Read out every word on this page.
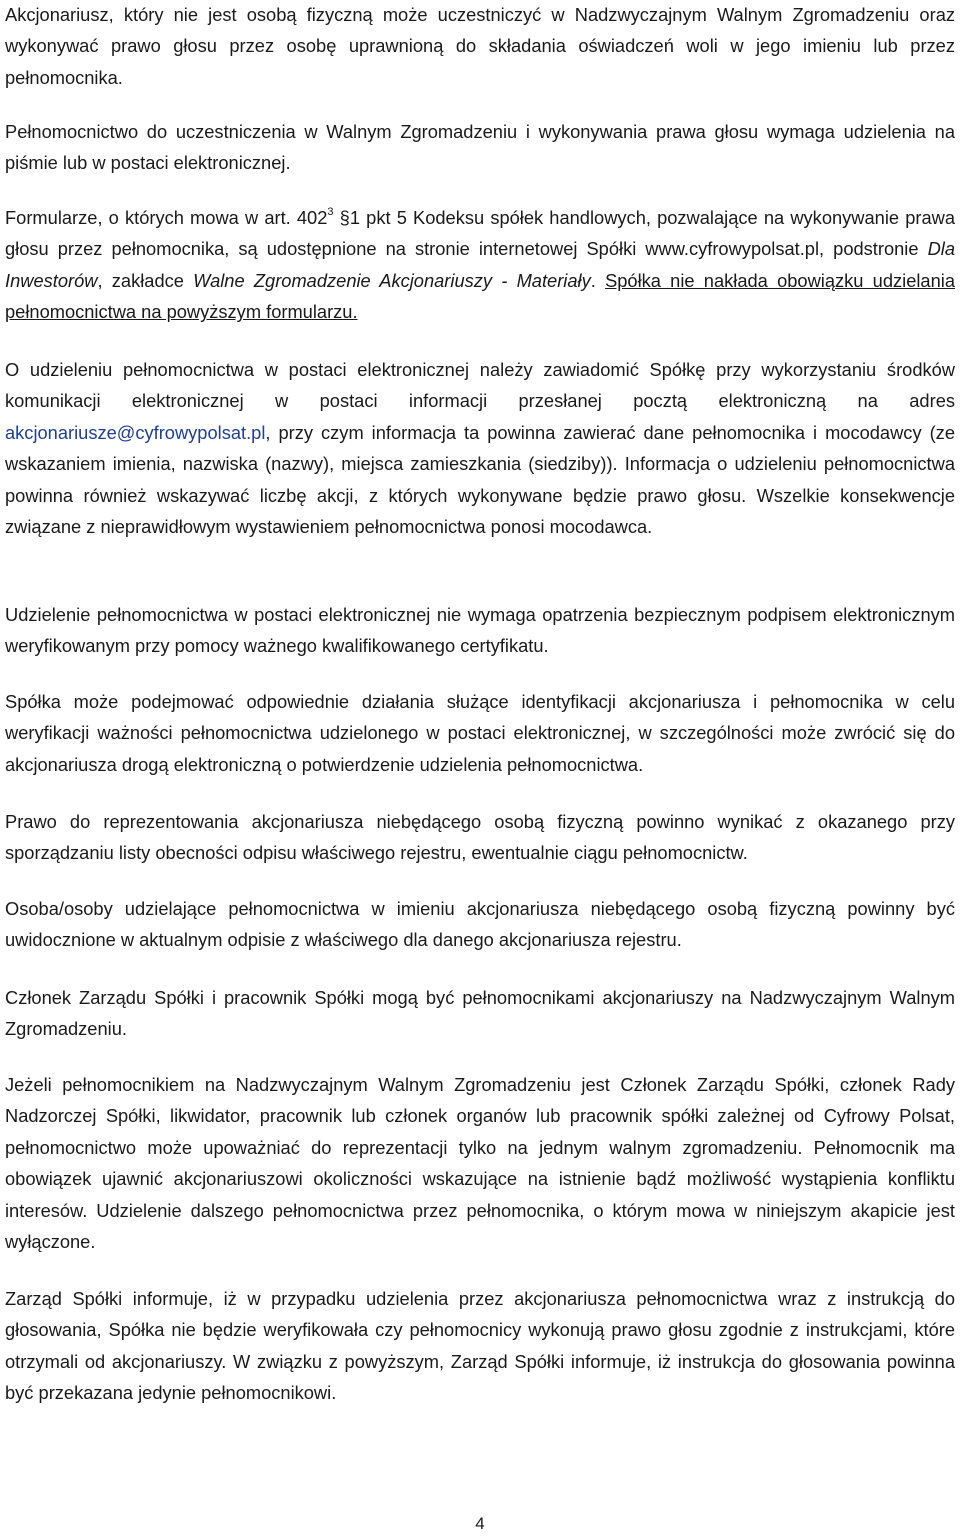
Akcjonariusz, który nie jest osobą fizyczną może uczestniczyć w Nadzwyczajnym Walnym Zgromadzeniu oraz wykonywać prawo głosu przez osobę uprawnioną do składania oświadczeń woli w jego imieniu lub przez pełnomocnika.

Pełnomocnictwo do uczestniczenia w Walnym Zgromadzeniu i wykonywania prawa głosu wymaga udzielenia na piśmie lub w postaci elektronicznej.

Formularze, o których mowa w art. $402^3$ §1 pkt 5 Kodeksu spółek handlowych, pozwalające na wykonywanie prawa głosu przez pełnomocnika, są udostępnione na stronie internetowej Spółki www.cyfrowypolsat.pl, podstronie Dla Inwestorów, zakładce Walne Zgromadzenie Akcjonariuszy - Materiały. Spółka nie nakłada obowiązku udzielania pełnomocnictwa na powyższym formularzu.

O udzieleniu pełnomocnictwa w postaci elektronicznej należy zawiadomić Spółkę przy wykorzystaniu środków komunikacji elektronicznej w postaci informacji przesłanej pocztą elektroniczną na adres akcjonariusze@cyfrowypolsat.pl, przy czym informacja ta powinna zawierać dane pełnomocnika i mocodawcy (ze wskazaniem imienia, nazwiska (nazwy), miejsca zamieszkania (siedziby)). Informacja o udzieleniu pełnomocnictwa powinna również wskazywać liczbę akcji, z których wykonywane będzie prawo głosu. Wszelkie konsekwencje związane z nieprawidłowym wystawieniem pełnomocnictwa ponosi mocodawca.

Udzielenie pełnomocnictwa w postaci elektronicznej nie wymaga opatrzenia bezpiecznym podpisem elektronicznym weryfikowanym przy pomocy ważnego kwalifikowanego certyfikatu.

Spółka może podejmować odpowiednie działania służące identyfikacji akcjonariusza i pełnomocnika w celu weryfikacji ważności pełnomocnictwa udzielonego w postaci elektronicznej, w szczególności może zwrócić się do akcjonariusza drogą elektroniczną o potwierdzenie udzielenia pełnomocnictwa.

Prawo do reprezentowania akcjonariusza niebędącego osobą fizyczną powinno wynikać z okazanego przy sporządzaniu listy obecności odpisu właściwego rejestru, ewentualnie ciągu pełnomocnictw.

Osoba/osoby udzielające pełnomocnictwa w imieniu akcjonariusza niebędącego osobą fizyczną powinny być uwidocznione w aktualnym odpisie z właściwego dla danego akcjonariusza rejestru.

Członek Zarządu Spółki i pracownik Spółki mogą być pełnomocnikami akcjonariuszy na Nadzwyczajnym Walnym Zgromadzeniu.

Jeżeli pełnomocnikiem na Nadzwyczajnym Walnym Zgromadzeniu jest Członek Zarządu Spółki, członek Rady Nadzorczej Spółki, likwidator, pracownik lub członek organów lub pracownik spółki zależnej od Cyfrowy Polsat, pełnomocnictwo może upoważniać do reprezentacji tylko na jednym walnym zgromadzeniu. Pełnomocnik ma obowiązek ujawnić akcjonariuszowi okoliczności wskazujące na istnienie bądź możliwość wystąpienia konfliktu interesów. Udzielenie dalszego pełnomocnictwa przez pełnomocnika, o którym mowa w niniejszym akapicie jest wyłączone.

Zarząd Spółki informuje, iż w przypadku udzielenia przez akcjonariusza pełnomocnictwa wraz z instrukcją do głosowania, Spółka nie będzie weryfikowała czy pełnomocnicy wykonują prawo głosu zgodnie z instrukcjami, które otrzymali od akcjonariuszy. W związku z powyższym, Zarząd Spółki informuje, iż instrukcja do głosowania powinna być przekazana jedynie pełnomocnikowi.

4
